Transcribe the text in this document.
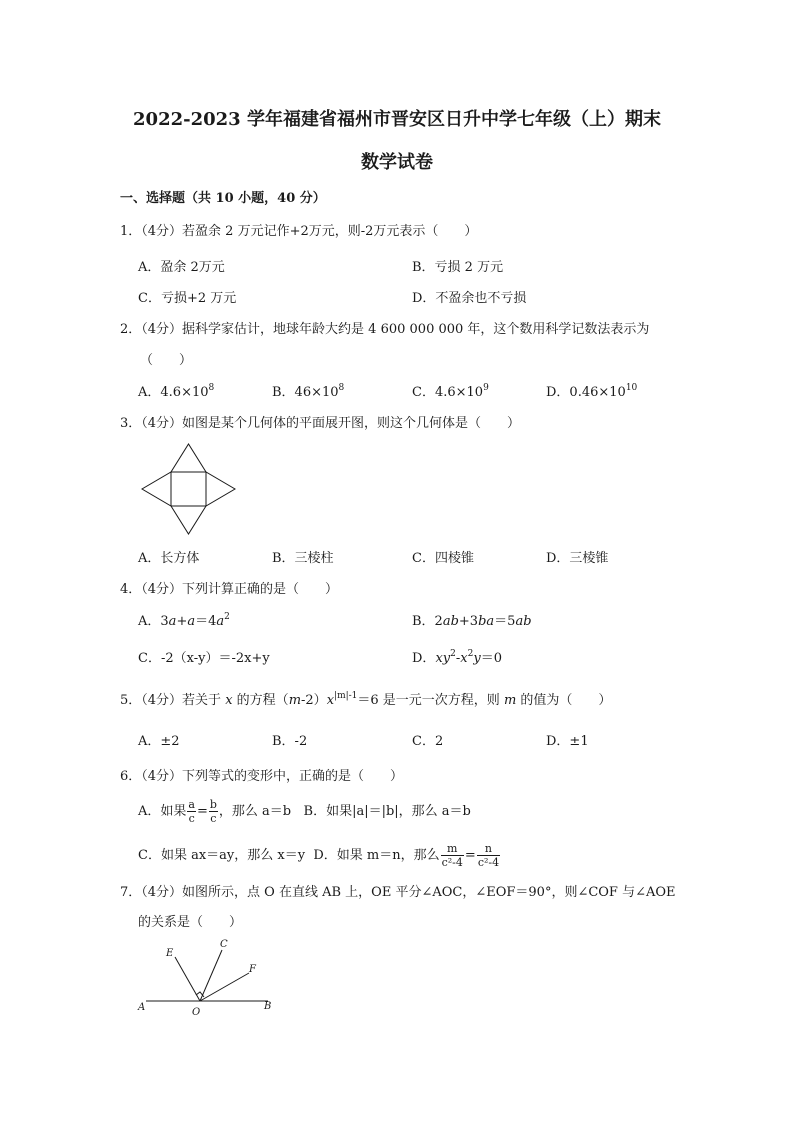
2022-2023 学年福建省福州市晋安区日升中学七年级（上）期末
数学试卷
一、选择题（共 10 小题，40 分）
1．（4分）若盈余 2 万元记作+2万元，则-2万元表示（　　）
A．盈余 2万元	B．亏损 2 万元
C．亏损+2 万元	D．不盈余也不亏损
2．（4分）据科学家估计，地球年龄大约是 4 600 000 000 年，这个数用科学记数法表示为
（　　）
A．$4.6\times 10^8$	B．$46\times 10^8$	C．$4.6\times 10^9$	D．$0.46\times 10^{10}$
3．（4分）如图是某个几何体的平面展开图，则这个几何体是（　　）
A．长方体	B．三棱柱	C．四棱锥	D．三棱锥
4．（4分）下列计算正确的是（　　）
A．$3a+a=4a^2$	B．2ab+3ba＝5ab
C．-2（x-y）＝-2x+y	D．$xy^2-x^2y=0$
5．（4分）若关于 x 的方程$(m-2)x^{|m|-1}=6$ 是一元一次方程，则 m 的值为（　　）
A．±2	B．-2	C．2	D．±1
6．（4分）下列等式的变形中，正确的是（　　）
A．如果 $\frac{a}{c} = \frac{b}{c}$ ，那么 a＝b B．如果|a|＝|b|，那么 a＝b
C．如果 ax＝ay，那么 x＝y D．如果 m＝n，那么 $\frac{m}{\text{c²-4}} = \frac{n}{\text{c²-4}}$
7．（4分）如图所示，点 O 在直线 AB 上，OE 平分∠AOC，∠EOF＝90°，则∠COF 与∠AOE
的关系是（　　）
E
C
F
A	O
B
